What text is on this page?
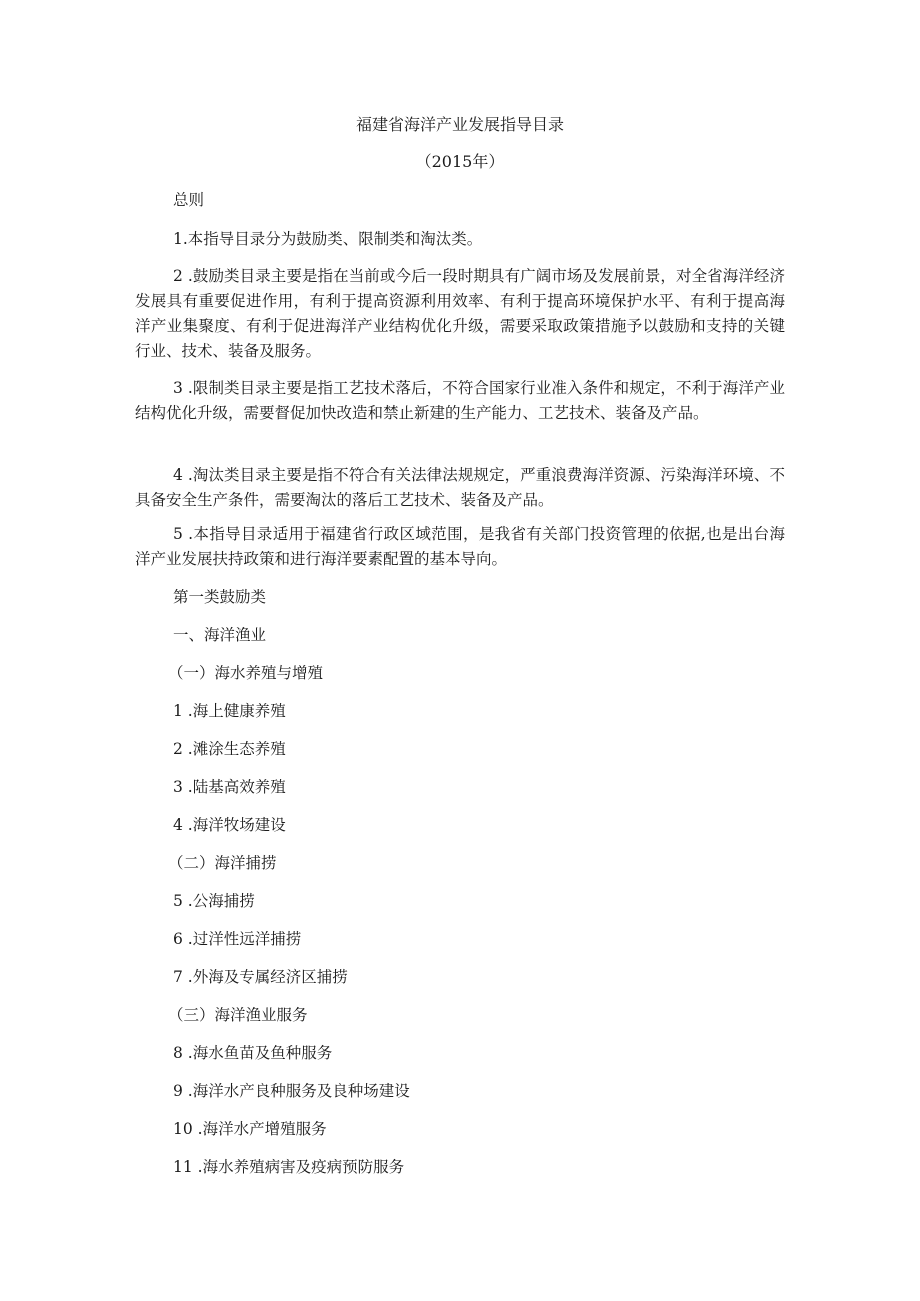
福建省海洋产业发展指导目录
（2015年）
总则
1.本指导目录分为鼓励类、限制类和淘汰类。

2 .鼓励类目录主要是指在当前或今后一段时期具有广阔市场及发展前景，对全省海洋经济发展具有重要促进作用，有利于提高资源利用效率、有利于提高环境保护水平、有利于提高海洋产业集聚度、有利于促进海洋产业结构优化升级，需要采取政策措施予以鼓励和支持的关键行业、技术、装备及服务。

3 .限制类目录主要是指工艺技术落后，不符合国家行业准入条件和规定，不利于海洋产业结构优化升级，需要督促加快改造和禁止新建的生产能力、工艺技术、装备及产品。

4 .淘汰类目录主要是指不符合有关法律法规规定，严重浪费海洋资源、污染海洋环境、不具备安全生产条件，需要淘汰的落后工艺技术、装备及产品。

5 .本指导目录适用于福建省行政区域范围，是我省有关部门投资管理的依据,也是出台海洋产业发展扶持政策和进行海洋要素配置的基本导向。

第一类鼓励类
一、海洋渔业
（一）海水养殖与增殖
1 .海上健康养殖
2 .滩涂生态养殖
3 .陆基高效养殖
4 .海洋牧场建设
（二）海洋捕捞
5 .公海捕捞
6 .过洋性远洋捕捞
7 .外海及专属经济区捕捞
（三）海洋渔业服务
8 .海水鱼苗及鱼种服务
9 .海洋水产良种服务及良种场建设
10 .海洋水产增殖服务
11 .海水养殖病害及疫病预防服务
